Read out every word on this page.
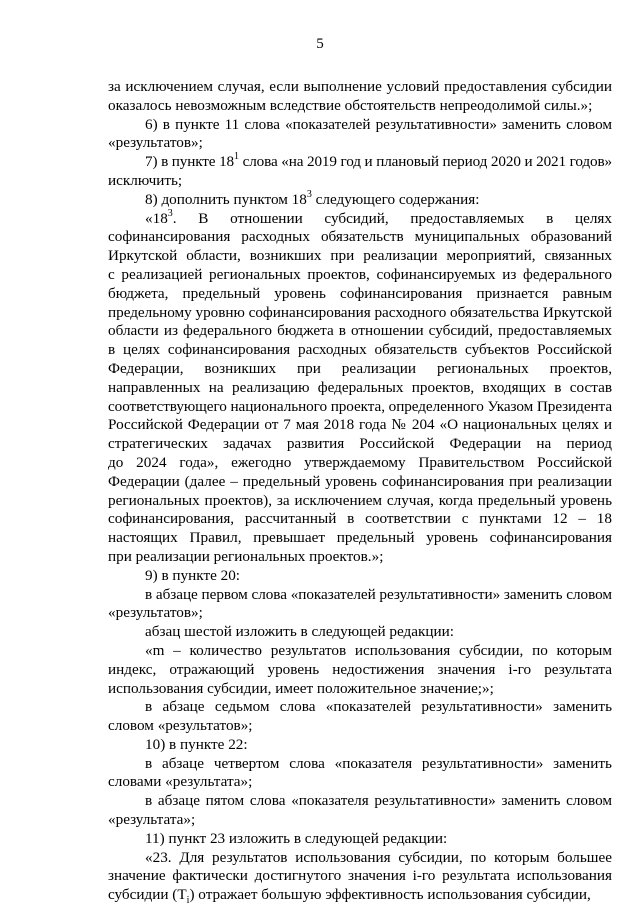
5
за исключением случая, если выполнение условий предоставления субсидии
оказалось невозможным вследствие обстоятельств непреодолимой силы.»;
6) в пункте 11 слова «показателей результативности» заменить словом
«результатов»;
7) в пункте $18^1$ слова «на 2019 год и плановый период 2020 и 2021 годов»
исключить;
8) дополнить пунктом $18^3$ следующего содержания:
«$18^3$. В отношении субсидий, предоставляемых в целях
софинансирования расходных обязательств муниципальных образований
Иркутской области, возникших при реализации мероприятий, связанных
с реализацией региональных проектов, софинансируемых из федерального
бюджета, предельный уровень софинансирования признается равным
предельному уровню софинансирования расходного обязательства Иркутской
области из федерального бюджета в отношении субсидий, предоставляемых
в целях софинансирования расходных обязательств субъектов Российской
Федерации, возникших при реализации региональных проектов,
направленных на реализацию федеральных проектов, входящих в состав
соответствующего национального проекта, определенного Указом Президента
Российской Федерации от 7 мая 2018 года № 204 «О национальных целях и
стратегических задачах развития Российской Федерации на период
до 2024 года», ежегодно утверждаемому Правительством Российской
Федерации (далее – предельный уровень софинансирования при реализации
региональных проектов), за исключением случая, когда предельный уровень
софинансирования, рассчитанный в соответствии с пунктами 12 – 18
настоящих Правил, превышает предельный уровень софинансирования
при реализации региональных проектов.»;
9) в пункте 20:
в абзаце первом слова «показателей результативности» заменить словом
«результатов»;
абзац шестой изложить в следующей редакции:
«m – количество результатов использования субсидии, по которым
индекс, отражающий уровень недостижения значения i-го результата
использования субсидии, имеет положительное значение;»;
в абзаце седьмом слова «показателей результативности» заменить
словом «результатов»;
10) в пункте 22:
в абзаце четвертом слова «показателя результативности» заменить
словами «результата»;
в абзаце пятом слова «показателя результативности» заменить словом
«результата»;
11) пункт 23 изложить в следующей редакции:
«23. Для результатов использования субсидии, по которым большее
значение фактически достигнутого значения i-го результата использования
субсидии $(T_i)$ отражает большую эффективность использования субсидии,
